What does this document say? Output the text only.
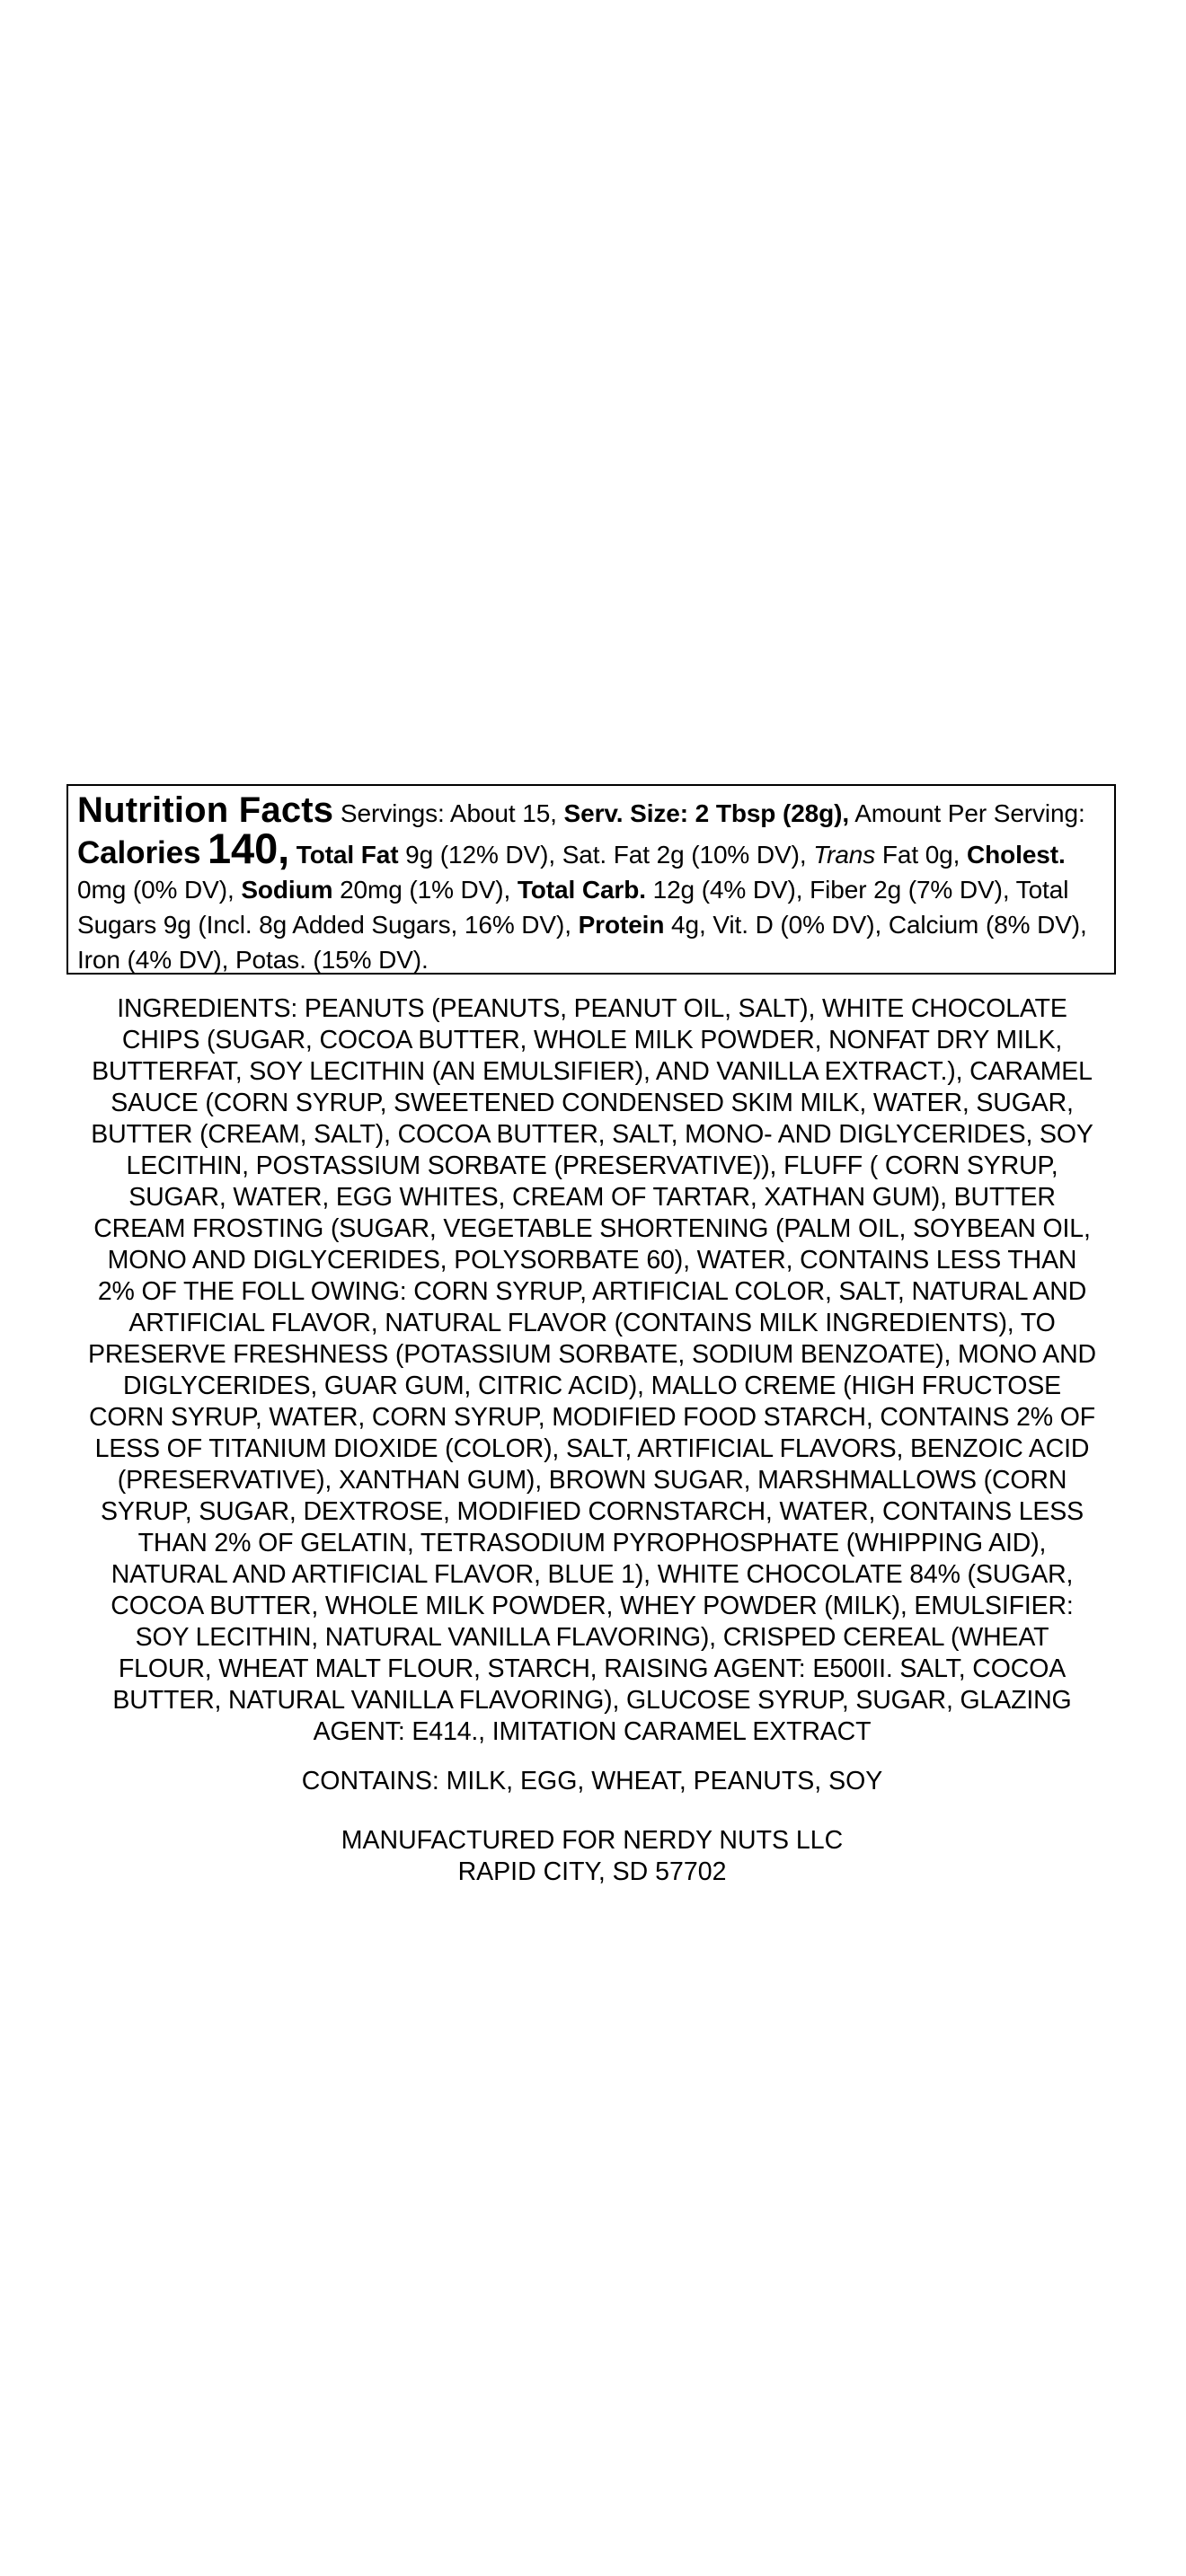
Nutrition Facts Servings: About 15, Serv. Size: 2 Tbsp (28g), Amount Per Serving: Calories 140, Total Fat 9g (12% DV), Sat. Fat 2g (10% DV), Trans Fat 0g, Cholest. 0mg (0% DV), Sodium 20mg (1% DV), Total Carb. 12g (4% DV), Fiber 2g (7% DV), Total Sugars 9g (Incl. 8g Added Sugars, 16% DV), Protein 4g, Vit. D (0% DV), Calcium (8% DV), Iron (4% DV), Potas. (15% DV).

INGREDIENTS: PEANUTS (PEANUTS, PEANUT OIL, SALT), WHITE CHOCOLATE
CHIPS (SUGAR, COCOA BUTTER, WHOLE MILK POWDER, NONFAT DRY MILK,
BUTTERFAT, SOY LECITHIN (AN EMULSIFIER), AND VANILLA EXTRACT.), CARAMEL
SAUCE (CORN SYRUP, SWEETENED CONDENSED SKIM MILK, WATER, SUGAR,
BUTTER (CREAM, SALT), COCOA BUTTER, SALT, MONO- AND DIGLYCERIDES, SOY
LECITHIN, POSTASSIUM SORBATE (PRESERVATIVE)), FLUFF ( CORN SYRUP,
SUGAR, WATER, EGG WHITES, CREAM OF TARTAR, XATHAN GUM), BUTTER
CREAM FROSTING (SUGAR, VEGETABLE SHORTENING (PALM OIL, SOYBEAN OIL,
MONO AND DIGLYCERIDES, POLYSORBATE 60), WATER, CONTAINS LESS THAN
2% OF THE FOLL OWING: CORN SYRUP, ARTIFICIAL COLOR, SALT, NATURAL AND
ARTIFICIAL FLAVOR, NATURAL FLAVOR (CONTAINS MILK INGREDIENTS), TO
PRESERVE FRESHNESS (POTASSIUM SORBATE, SODIUM BENZOATE), MONO AND
DIGLYCERIDES, GUAR GUM, CITRIC ACID), MALLO CREME (HIGH FRUCTOSE
CORN SYRUP, WATER, CORN SYRUP, MODIFIED FOOD STARCH, CONTAINS 2% OF
LESS OF TITANIUM DIOXIDE (COLOR), SALT, ARTIFICIAL FLAVORS, BENZOIC ACID
(PRESERVATIVE), XANTHAN GUM), BROWN SUGAR, MARSHMALLOWS (CORN
SYRUP, SUGAR, DEXTROSE, MODIFIED CORNSTARCH, WATER, CONTAINS LESS
THAN 2% OF GELATIN, TETRASODIUM PYROPHOSPHATE (WHIPPING AID),
NATURAL AND ARTIFICIAL FLAVOR, BLUE 1), WHITE CHOCOLATE 84% (SUGAR,
COCOA BUTTER, WHOLE MILK POWDER, WHEY POWDER (MILK), EMULSIFIER:
SOY LECITHIN, NATURAL VANILLA FLAVORING), CRISPED CEREAL (WHEAT
FLOUR, WHEAT MALT FLOUR, STARCH, RAISING AGENT: E500II. SALT, COCOA
BUTTER, NATURAL VANILLA FLAVORING), GLUCOSE SYRUP, SUGAR, GLAZING
AGENT: E414., IMITATION CARAMEL EXTRACT

CONTAINS: MILK, EGG, WHEAT, PEANUTS, SOY

MANUFACTURED FOR NERDY NUTS LLC
RAPID CITY, SD 57702
